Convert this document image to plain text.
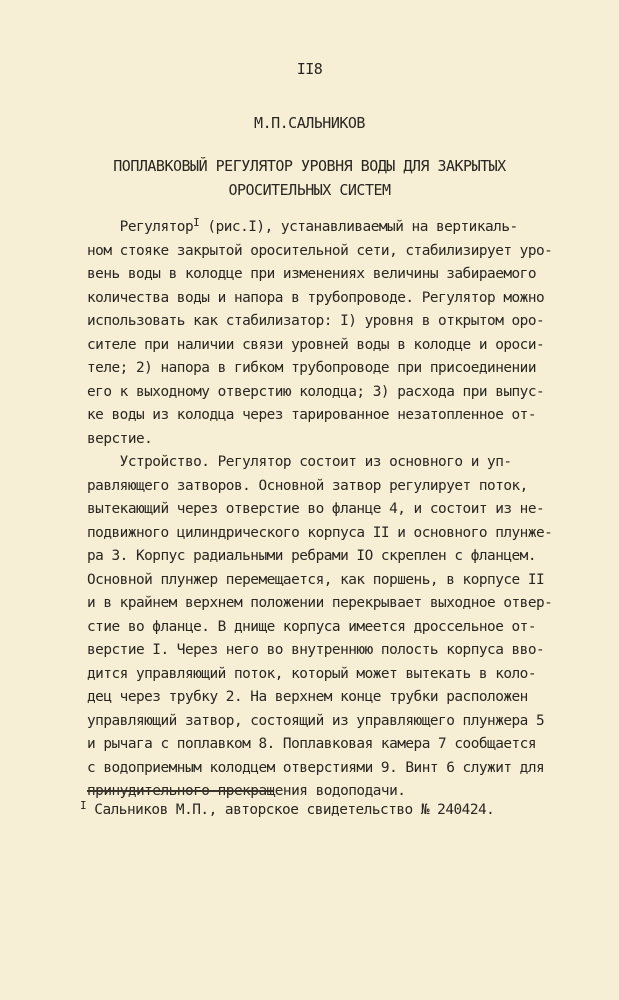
II8
М.П.САЛЬНИКОВ
ПОПЛАВКОВЫЙ РЕГУЛЯТОР УРОВНЯ ВОДЫ ДЛЯ ЗАКРЫТЫХ
ОРОСИТЕЛЬНЫХ СИСТЕМ
Регулятор$^I$ (рис.I), устанавливаемый на вертикаль-
ном стояке закрытой оросительной сети, стабилизирует уро-
вень воды в колодце при изменениях величины забираемого
количества воды и напора в трубопроводе. Регулятор можно
использовать как стабилизатор: I) уровня в открытом оро-
сителе при наличии связи уровней воды в колодце и ороси-
теле; 2) напора в гибком трубопроводе при присоединении
его к выходному отверстию колодца; 3) расхода при выпус-
ке воды из колодца через тарированное незатопленное от-
верстие.
Устройство. Регулятор состоит из основного и уп-
равляющего затворов. Основной затвор регулирует поток,
вытекающий через отверстие во фланце 4, и состоит из не-
подвижного цилиндрического корпуса II и основного плунже-
ра 3. Корпус радиальными ребрами IO скреплен с фланцем.
Основной плунжер перемещается, как поршень, в корпусе II
и в крайнем верхнем положении перекрывает выходное отвер-
стие во фланце. В днище корпуса имеется дроссельное от-
верстие I. Через него во внутреннюю полость корпуса вво-
дится управляющий поток, который может вытекать в коло-
дец через трубку 2. На верхнем конце трубки расположен
управляющий затвор, состоящий из управляющего плунжера 5
и рычага с поплавком 8. Поплавковая камера 7 сообщается
с водоприемным колодцем отверстиями 9. Винт 6 служит для
принудительного прекращения водоподачи.
$^I$ Сальников М.П., авторское свидетельство № 240424.
